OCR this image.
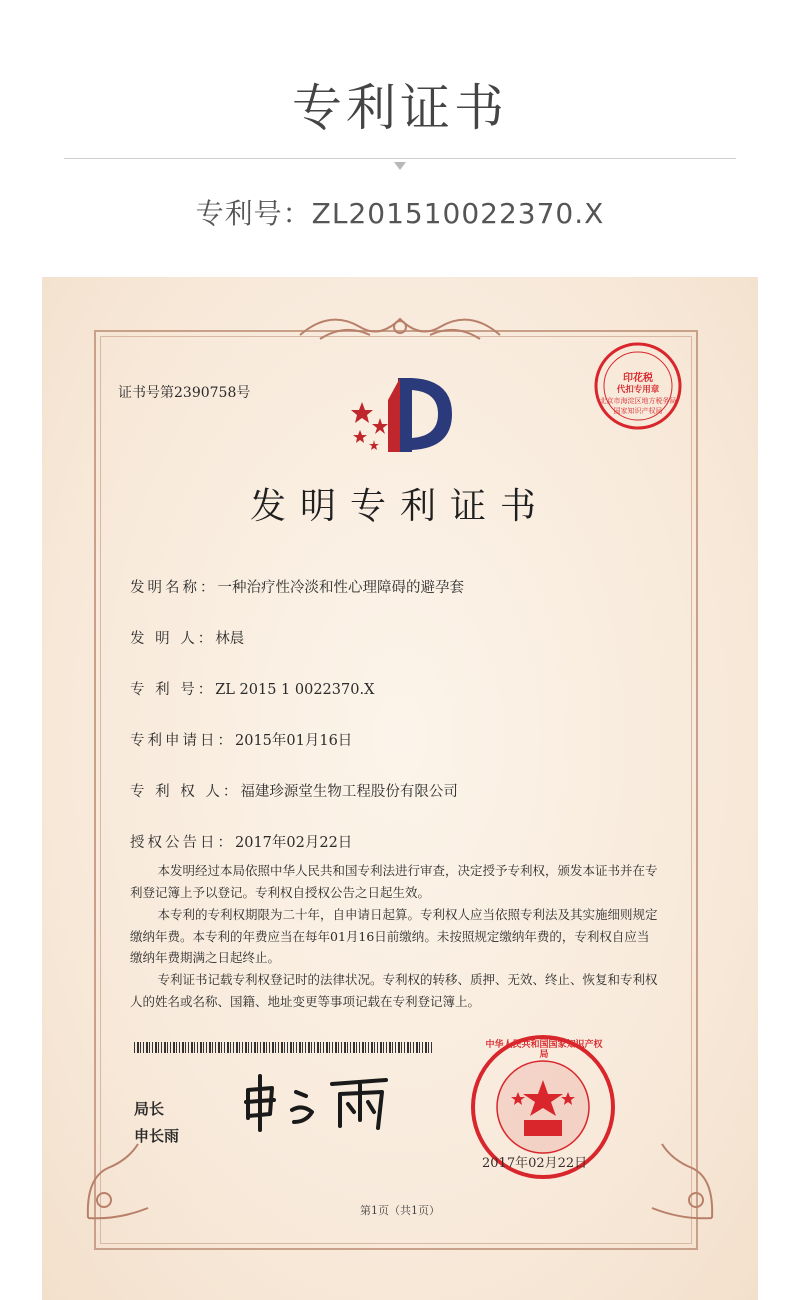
专利证书
专利号：ZL201510022370.X
北京市海淀区地方税务局
印花税
代扣专用章
国家知识产权局
证书号第2390758号
发明专利证书
发明名称：一种治疗性冷淡和性心理障碍的避孕套
发 明 人：林晨
专 利 号：ZL 2015 1 0022370.X
专利申请日：2015年01月16日
专 利 权 人：福建珍源堂生物工程股份有限公司
授权公告日：2017年02月22日
本发明经过本局依照中华人民共和国专利法进行审查，决定授予专利权，颁发本证书并在专利登记簿上予以登记。专利权自授权公告之日起生效。
本专利的专利权期限为二十年，自申请日起算。专利权人应当依照专利法及其实施细则规定缴纳年费。本专利的年费应当在每年01月16日前缴纳。未按照规定缴纳年费的，专利权自应当缴纳年费期满之日起终止。
专利证书记载专利权登记时的法律状况。专利权的转移、质押、无效、终止、恢复和专利权人的姓名或名称、国籍、地址变更等事项记载在专利登记簿上。
局长
申长雨
中华人民共和国国家知识产权局
2017年02月22日
第1页（共1页）
